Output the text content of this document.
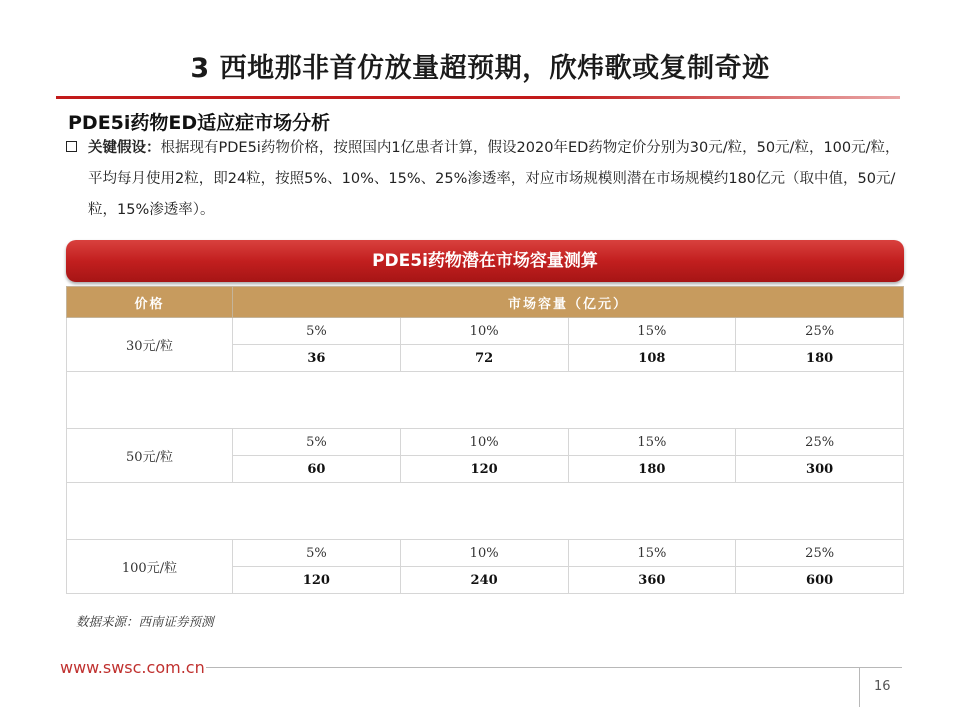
3 西地那非首仿放量超预期，欣炜歌或复制奇迹
PDE5i药物ED适应症市场分析
关键假设：根据现有PDE5i药物价格，按照国内1亿患者计算，假设2020年ED药物定价分别为30元/粒，50元/粒，100元/粒，平均每月使用2粒，即24粒，按照5%、10%、15%、25%渗透率，对应市场规模则潜在市场规模约180亿元（取中值，50元/粒，15%渗透率）。
PDE5i药物潜在市场容量测算
价格	市场容量（亿元）			
30元/粒	5%	10%	15%	25%
	36	72	108	180

50元/粒	5%	10%	15%	25%
	60	120	180	300

100元/粒	5%	10%	15%	25%
	120	240	360	600
数据来源：西南证券预测
www.swsc.com.cn
16
